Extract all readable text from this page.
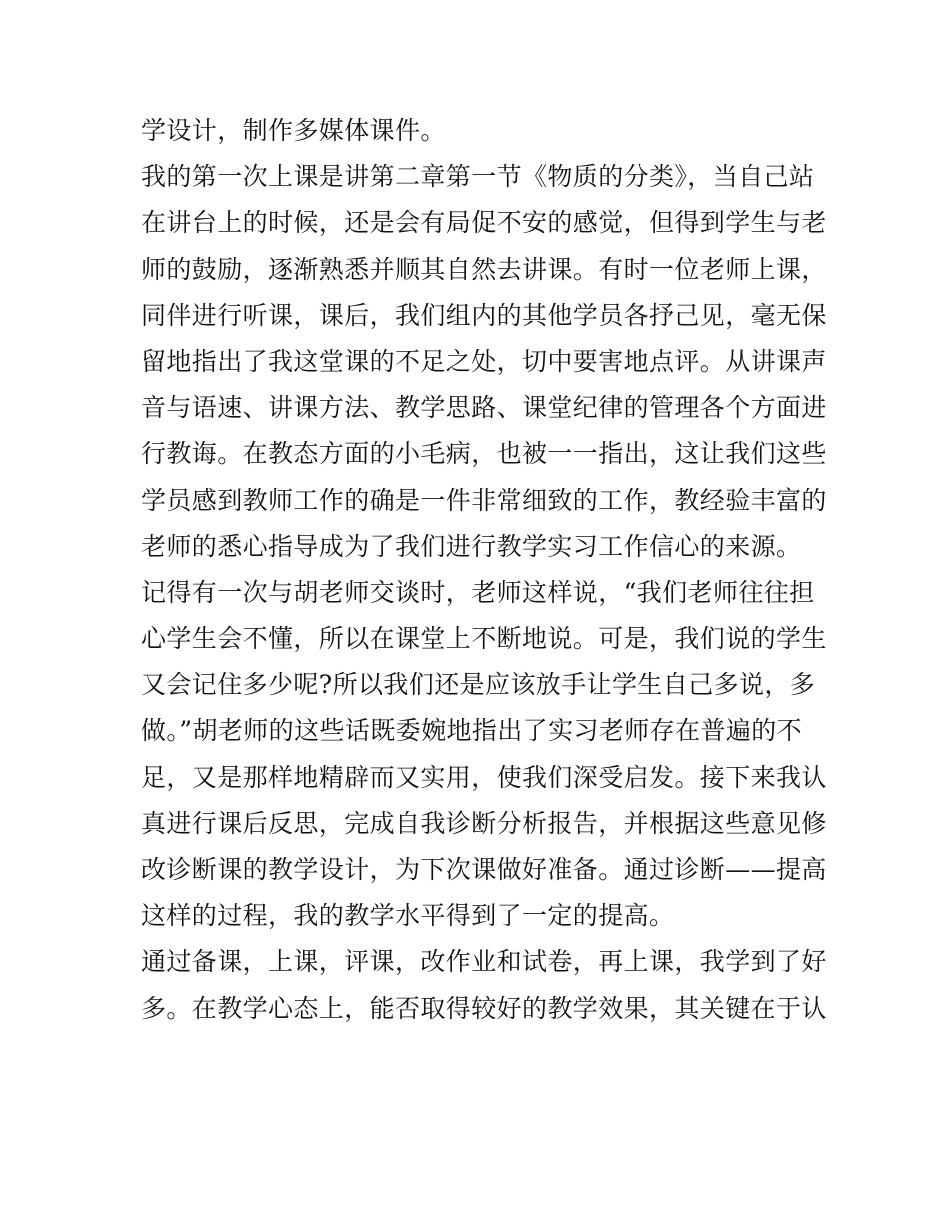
学设计，制作多媒体课件。
我的第一次上课是讲第二章第一节《物质的分类》，当自己站
在讲台上的时候，还是会有局促不安的感觉，但得到学生与老
师的鼓励，逐渐熟悉并顺其自然去讲课。有时一位老师上课，
同伴进行听课，课后，我们组内的其他学员各抒己见，毫无保
留地指出了我这堂课的不足之处，切中要害地点评。从讲课声
音与语速、讲课方法、教学思路、课堂纪律的管理各个方面进
行教诲。在教态方面的小毛病，也被一一指出，这让我们这些
学员感到教师工作的确是一件非常细致的工作，教经验丰富的
老师的悉心指导成为了我们进行教学实习工作信心的来源。
记得有一次与胡老师交谈时，老师这样说，“我们老师往往担
心学生会不懂，所以在课堂上不断地说。可是，我们说的学生
又会记住多少呢?所以我们还是应该放手让学生自己多说，多
做。”胡老师的这些话既委婉地指出了实习老师存在普遍的不
足，又是那样地精辟而又实用，使我们深受启发。接下来我认
真进行课后反思，完成自我诊断分析报告，并根据这些意见修
改诊断课的教学设计，为下次课做好准备。通过诊断——提高
这样的过程，我的教学水平得到了一定的提高。
通过备课，上课，评课，改作业和试卷，再上课，我学到了好
多。在教学心态上，能否取得较好的教学效果，其关键在于认
